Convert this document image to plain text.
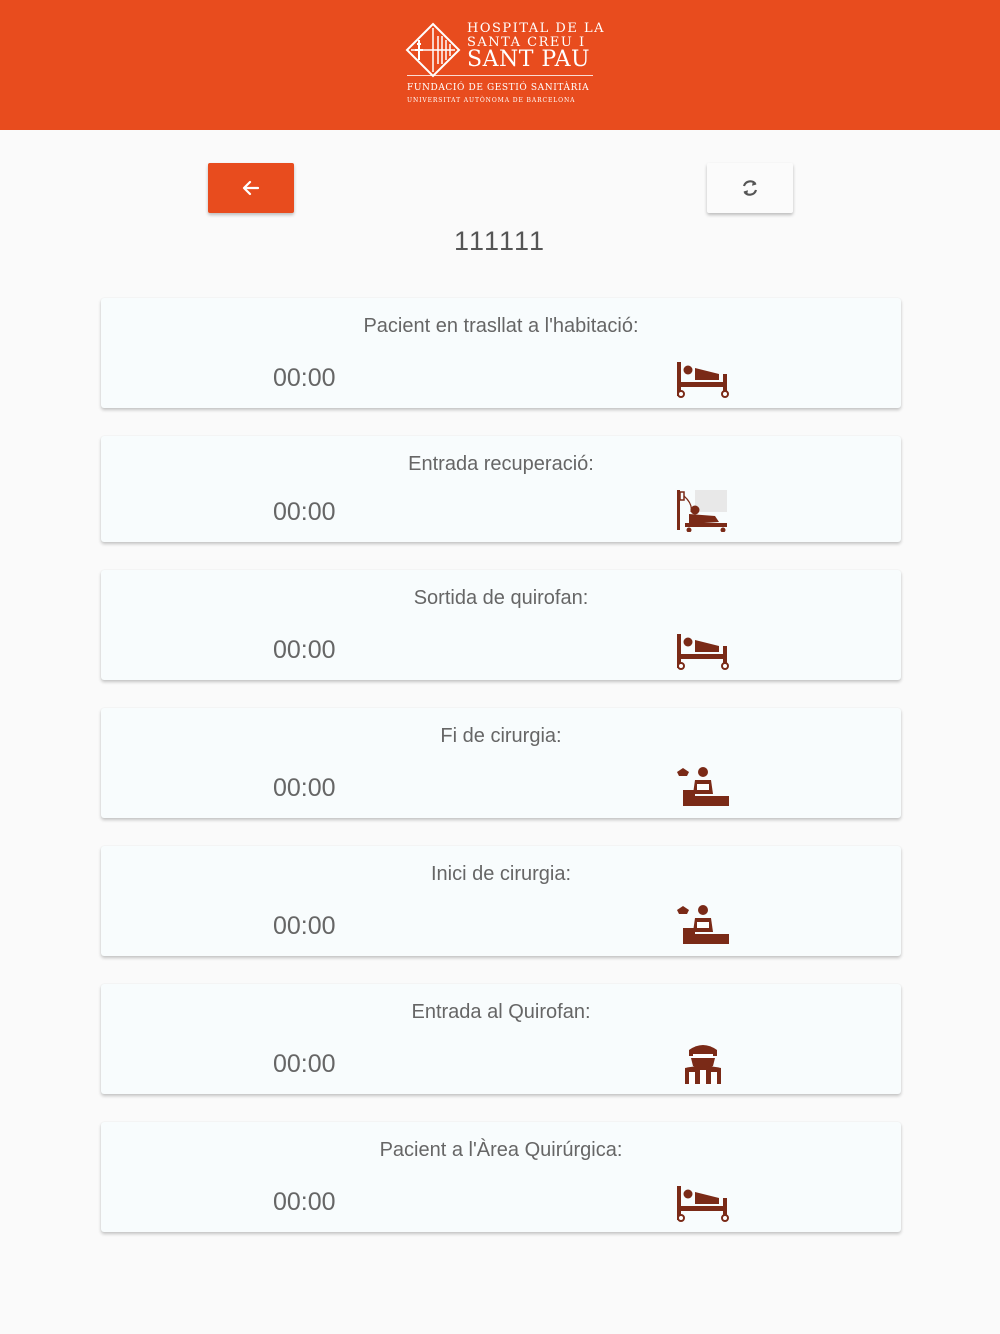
HOSPITAL DE LA
SANTA CREU I
SANT PAU
FUNDACIÓ DE GESTIÓ SANITÀRIA
UNIVERSITAT AUTÒNOMA DE BARCELONA
111111
Pacient en trasllat a l'habitació:
00:00
Entrada recuperació:
00:00
Sortida de quirofan:
00:00
Fi de cirurgia:
00:00
Inici de cirurgia:
00:00
Entrada al Quirofan:
00:00
Pacient a l'Àrea Quirúrgica:
00:00
